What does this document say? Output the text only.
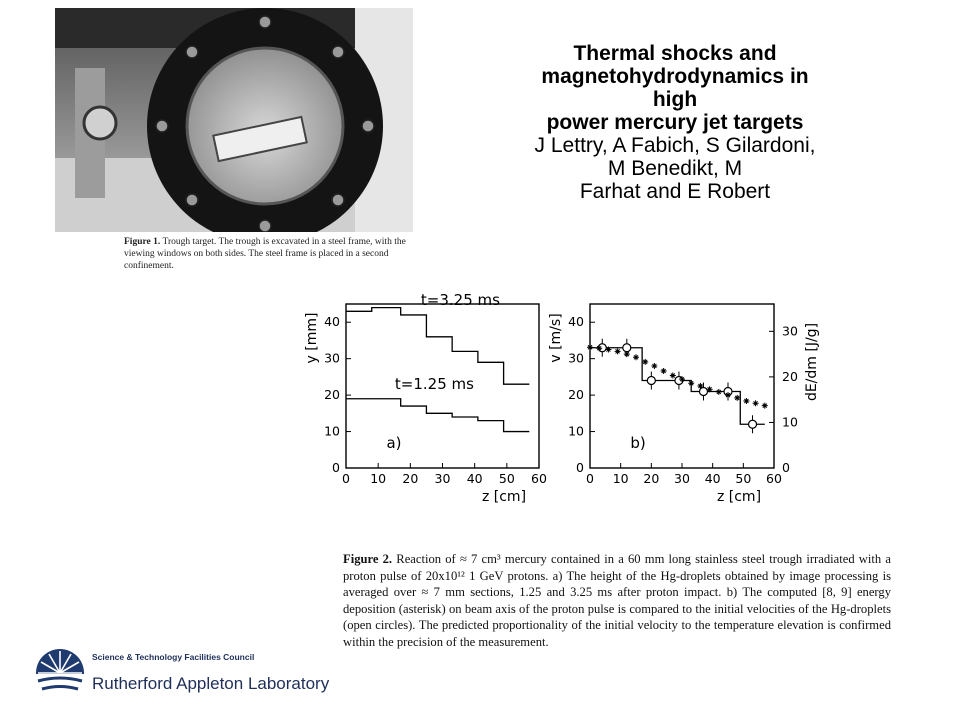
Figure 1. Trough target. The trough is excavated in a steel frame, with the viewing windows on both sides. The steel frame is placed in a second confinement.
Thermal shocks and
magnetohydrodynamics in
high
power mercury jet targets
J Lettry, A Fabich, S Gilardoni,
M Benedikt, M
Farhat and E Robert
0 10 20 30 40 50 60
0
10
20
30
40
z [cm]
y [mm]
a)
t=3.25 ms
t=1.25 ms
0 10 20 30 40 50 60
0
10
20
30
40
0
10
20
30
z [cm]
v [m/s]	dE/dm [J/g]
b)
Figure 2. Reaction of ≈ 7 cm³ mercury contained in a 60 mm long stainless steel trough irradiated with a proton pulse of 20x10¹² 1 GeV protons. a) The height of the Hg-droplets obtained by image processing is averaged over ≈ 7 mm sections, 1.25 and 3.25 ms after proton impact. b) The computed [8, 9] energy deposition (asterisk) on beam axis of the proton pulse is compared to the initial velocities of the Hg-droplets (open circles). The predicted proportionality of the initial velocity to the temperature elevation is confirmed within the precision of the measurement.
Science & Technology Facilities Council
Rutherford Appleton Laboratory
